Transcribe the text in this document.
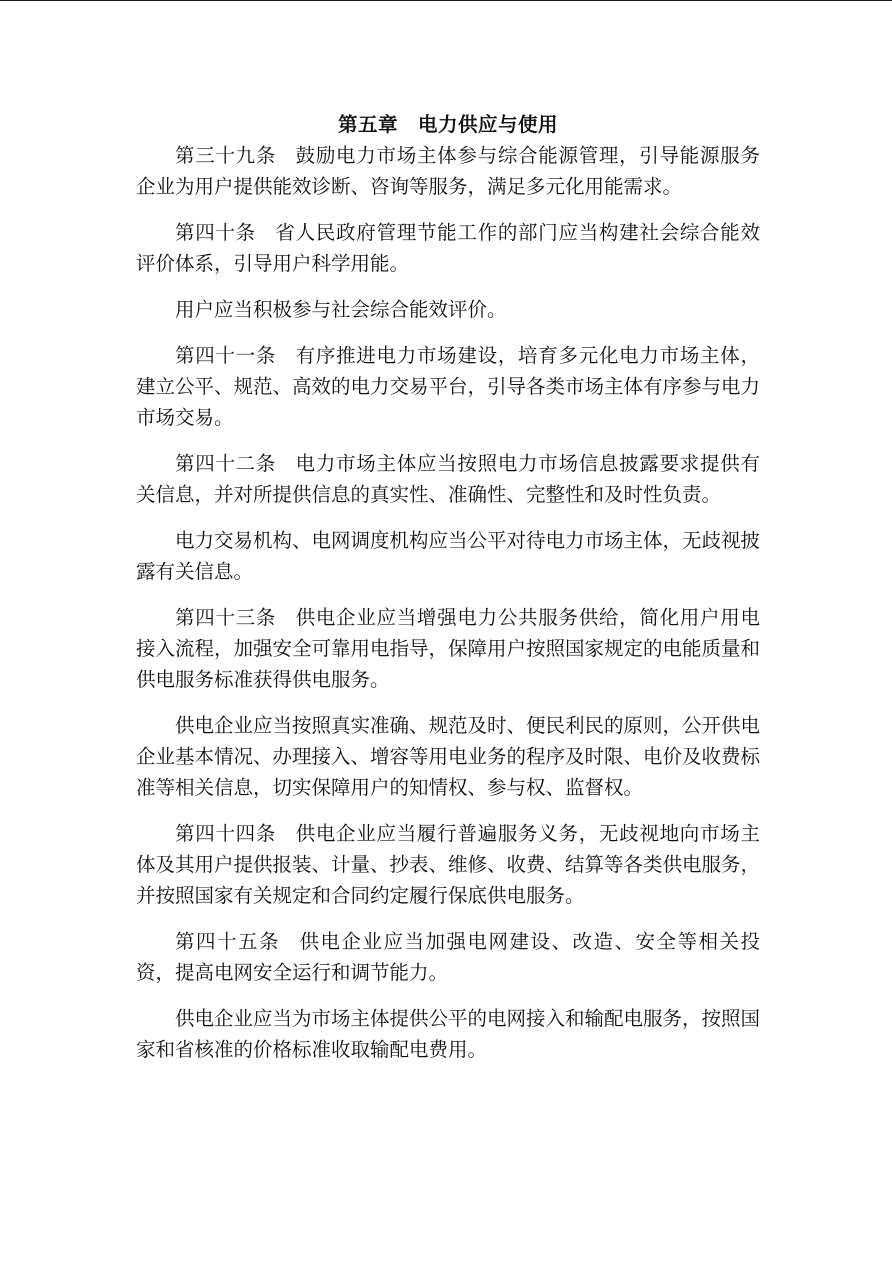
第五章　电力供应与使用

第三十九条 鼓励电力市场主体参与综合能源管理，引导能源服务企业为用户提供能效诊断、咨询等服务，满足多元化用能需求。

第四十条 省人民政府管理节能工作的部门应当构建社会综合能效评价体系，引导用户科学用能。

用户应当积极参与社会综合能效评价。

第四十一条 有序推进电力市场建设，培育多元化电力市场主体，建立公平、规范、高效的电力交易平台，引导各类市场主体有序参与电力市场交易。

第四十二条 电力市场主体应当按照电力市场信息披露要求提供有关信息，并对所提供信息的真实性、准确性、完整性和及时性负责。

电力交易机构、电网调度机构应当公平对待电力市场主体，无歧视披露有关信息。

第四十三条 供电企业应当增强电力公共服务供给，简化用户用电接入流程，加强安全可靠用电指导，保障用户按照国家规定的电能质量和供电服务标准获得供电服务。

供电企业应当按照真实准确、规范及时、便民利民的原则，公开供电企业基本情况、办理接入、增容等用电业务的程序及时限、电价及收费标准等相关信息，切实保障用户的知情权、参与权、监督权。

第四十四条 供电企业应当履行普遍服务义务，无歧视地向市场主体及其用户提供报装、计量、抄表、维修、收费、结算等各类供电服务，并按照国家有关规定和合同约定履行保底供电服务。

第四十五条 供电企业应当加强电网建设、改造、安全等相关投资，提高电网安全运行和调节能力。

供电企业应当为市场主体提供公平的电网接入和输配电服务，按照国家和省核准的价格标准收取输配电费用。
